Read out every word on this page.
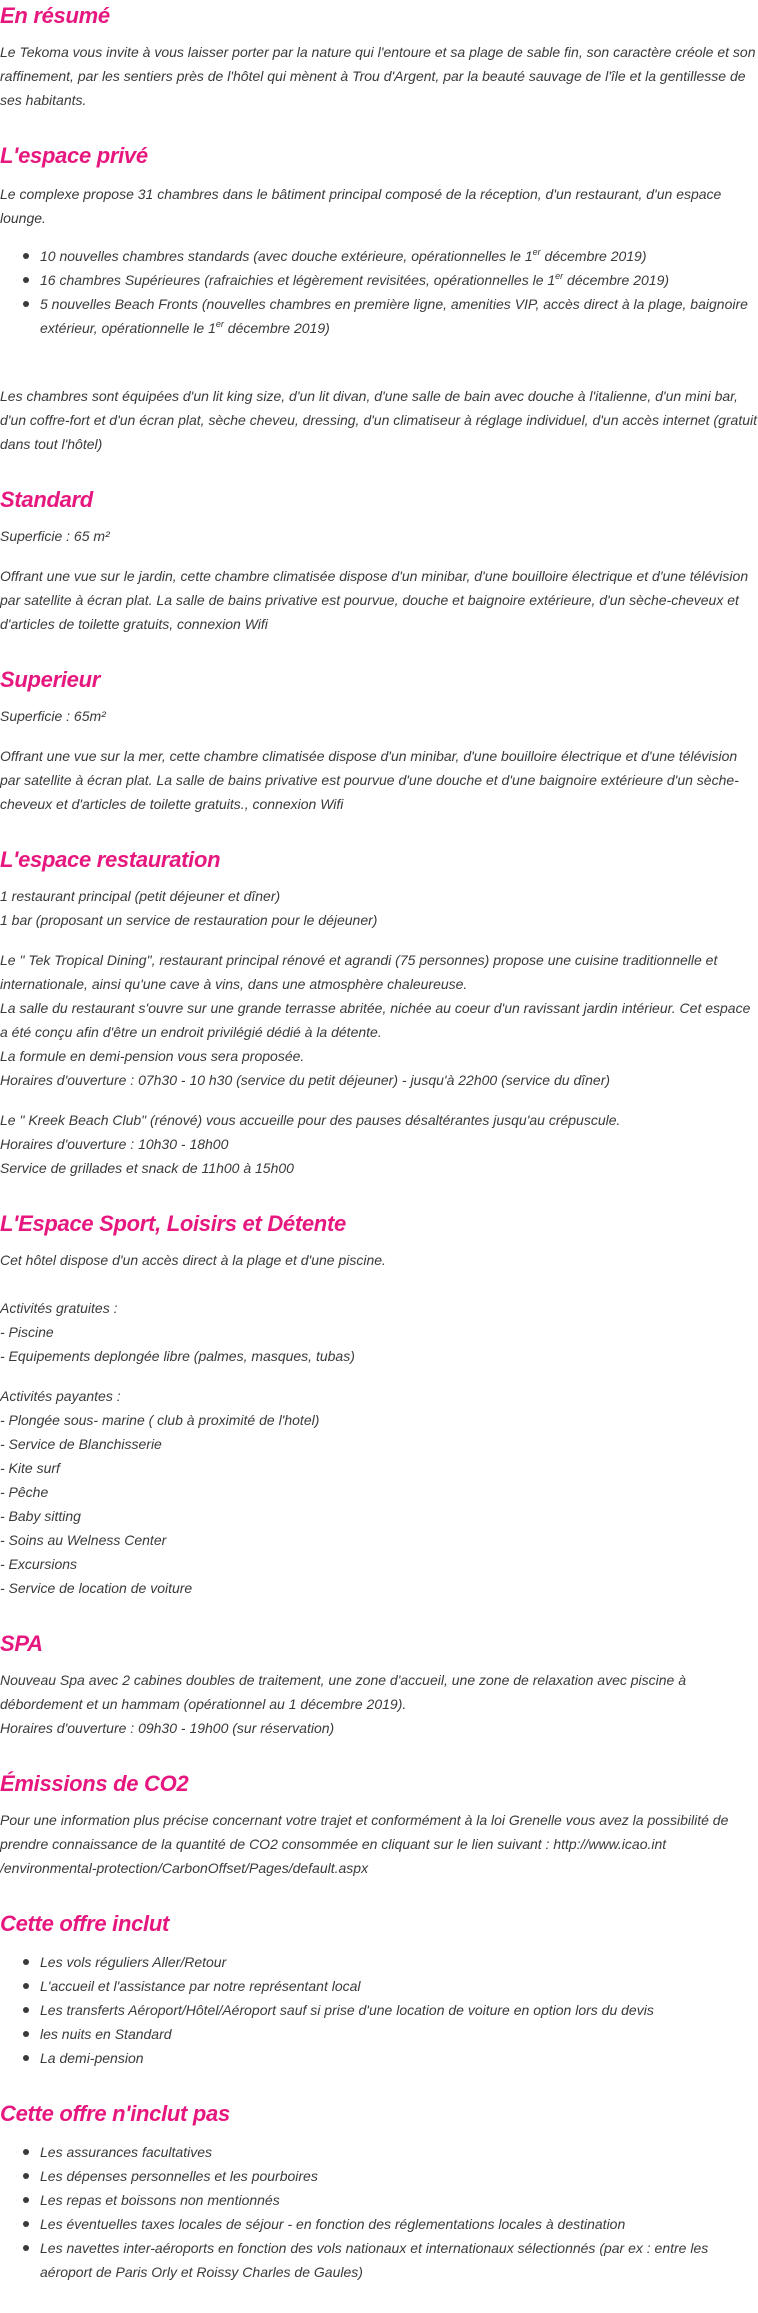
En résumé

Le Tekoma vous invite à vous laisser porter par la nature qui l'entoure et sa plage de sable fin, son caractère créole et son raffinement, par les sentiers près de l'hôtel qui mènent à Trou d'Argent, par la beauté sauvage de l'île et la gentillesse de ses habitants.

L'espace privé

Le complexe propose 31 chambres dans le bâtiment principal composé de la réception, d'un restaurant, d'un espace lounge.

10 nouvelles chambres standards (avec douche extérieure, opérationnelles le 1er décembre 2019)
16 chambres Supérieures (rafraichies et légèrement revisitées, opérationnelles le 1er décembre 2019)
5 nouvelles Beach Fronts (nouvelles chambres en première ligne, amenities VIP, accès direct à la plage, baignoire extérieur, opérationnelle le 1er décembre 2019)

Les chambres sont équipées d'un lit king size, d'un lit divan, d'une salle de bain avec douche à l'italienne, d'un mini bar, d'un coffre-fort et d'un écran plat, sèche cheveu, dressing, d'un climatiseur à réglage individuel, d'un accès internet (gratuit dans tout l'hôtel)

Standard

Superficie : 65 m²

Offrant une vue sur le jardin, cette chambre climatisée dispose d'un minibar, d'une bouilloire électrique et d'une télévision par satellite à écran plat. La salle de bains privative est pourvue, douche et baignoire extérieure, d'un sèche-cheveux et d'articles de toilette gratuits, connexion Wifi

Superieur

Superficie : 65m²

Offrant une vue sur la mer, cette chambre climatisée dispose d'un minibar, d'une bouilloire électrique et d'une télévision par satellite à écran plat. La salle de bains privative est pourvue d'une douche et d'une baignoire extérieure d'un sèche-cheveux et d'articles de toilette gratuits., connexion Wifi

L'espace restauration
1 restaurant principal (petit déjeuner et dîner)
1 bar (proposant un service de restauration pour le déjeuner)

Le " Tek Tropical Dining", restaurant principal rénové et agrandi (75 personnes) propose une cuisine traditionnelle et internationale, ainsi qu'une cave à vins, dans une atmosphère chaleureuse.

La salle du restaurant s'ouvre sur une grande terrasse abritée, nichée au coeur d'un ravissant jardin intérieur. Cet espace a été conçu afin d'être un endroit privilégié dédié à la détente.

La formule en demi-pension vous sera proposée.

Horaires d'ouverture : 07h30 - 10 h30 (service du petit déjeuner) - jusqu'à 22h00 (service du dîner)

Le " Kreek Beach Club" (rénové) vous accueille pour des pauses désaltérantes jusqu'au crépuscule.

Horaires d'ouverture : 10h30 - 18h00

Service de grillades et snack de 11h00 à 15h00

L'Espace Sport, Loisirs et Détente

Cet hôtel dispose d'un accès direct à la plage et d'une piscine.

Activités gratuites :
- Piscine
- Equipements deplongée libre (palmes, masques, tubas)
Activités payantes :
- Plongée sous- marine ( club à proximité de l'hotel)
- Service de Blanchisserie
- Kite surf
- Pêche
- Baby sitting
- Soins au Welness Center
- Excursions
- Service de location de voiture
SPA

Nouveau Spa avec 2 cabines doubles de traitement, une zone d'accueil, une zone de relaxation avec piscine à débordement et un hammam (opérationnel au 1 décembre 2019).

Horaires d'ouverture : 09h30 - 19h00 (sur réservation)

Émissions de CO2
Pour une information plus précise concernant votre trajet et conformément à la loi Grenelle vous avez la possibilité de
prendre connaissance de la quantité de CO2 consommée en cliquant sur le lien suivant : http://www.icao.int
/environmental-protection/CarbonOffset/Pages/default.aspx
Cette offre inclut
Les vols réguliers Aller/Retour
L'accueil et l'assistance par notre représentant local
Les transferts Aéroport/Hôtel/Aéroport sauf si prise d'une location de voiture en option lors du devis
les nuits en Standard
La demi-pension
Cette offre n'inclut pas
Les assurances facultatives
Les dépenses personnelles et les pourboires
Les repas et boissons non mentionnés
Les éventuelles taxes locales de séjour - en fonction des réglementations locales à destination
Les navettes inter-aéroports en fonction des vols nationaux et internationaux sélectionnés (par ex : entre les aéroport de Paris Orly et Roissy Charles de Gaules)
